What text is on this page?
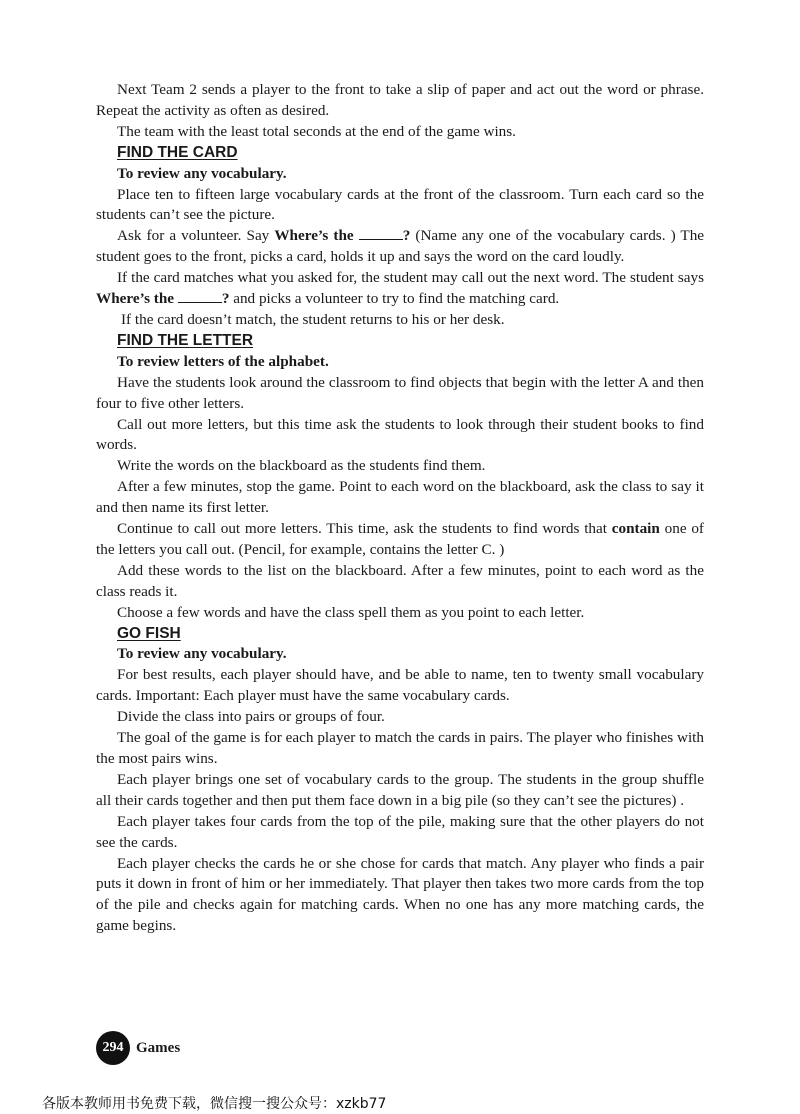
Next Team 2 sends a player to the front to take a slip of paper and act out the word or phrase. Repeat the activity as often as desired.

The team with the least total seconds at the end of the game wins.

FIND THE CARD
To review any vocabulary.

Place ten to fifteen large vocabulary cards at the front of the classroom. Turn each card so the students can’t see the picture.

Ask for a volunteer. Say Where’s the	? (Name any one of the vocabulary cards. ) The student goes to the front, picks a card, holds it up and says the word on the card loudly.

If the card matches what you asked for, the student may call out the next word. The student says Where’s the	? and picks a volunteer to try to find the matching card.

If the card doesn’t match, the student returns to his or her desk.

FIND THE LETTER
To review letters of the alphabet.

Have the students look around the classroom to find objects that begin with the letter A and then four to five other letters.

Call out more letters, but this time ask the students to look through their student books to find words.

Write the words on the blackboard as the students find them.

After a few minutes, stop the game. Point to each word on the blackboard, ask the class to say it and then name its first letter.

Continue to call out more letters. This time, ask the students to find words that contain one of the letters you call out. (Pencil, for example, contains the letter C. )

Add these words to the list on the blackboard. After a few minutes, point to each word as the class reads it.

Choose a few words and have the class spell them as you point to each letter.

GO FISH
To review any vocabulary.

For best results, each player should have, and be able to name, ten to twenty small vocabulary cards. Important: Each player must have the same vocabulary cards.

Divide the class into pairs or groups of four.

The goal of the game is for each player to match the cards in pairs. The player who finishes with the most pairs wins.

Each player brings one set of vocabulary cards to the group. The students in the group shuffle all their cards together and then put them face down in a big pile (so they can’t see the pictures) .

Each player takes four cards from the top of the pile, making sure that the other players do not see the cards.

Each player checks the cards he or she chose for cards that match. Any player who finds a pair puts it down in front of him or her immediately. That player then takes two more cards from the top of the pile and checks again for matching cards. When no one has any more matching cards, the game begins.

294 Games
各版本教师用书免费下载，微信搜一搜公众号：xzkb77
